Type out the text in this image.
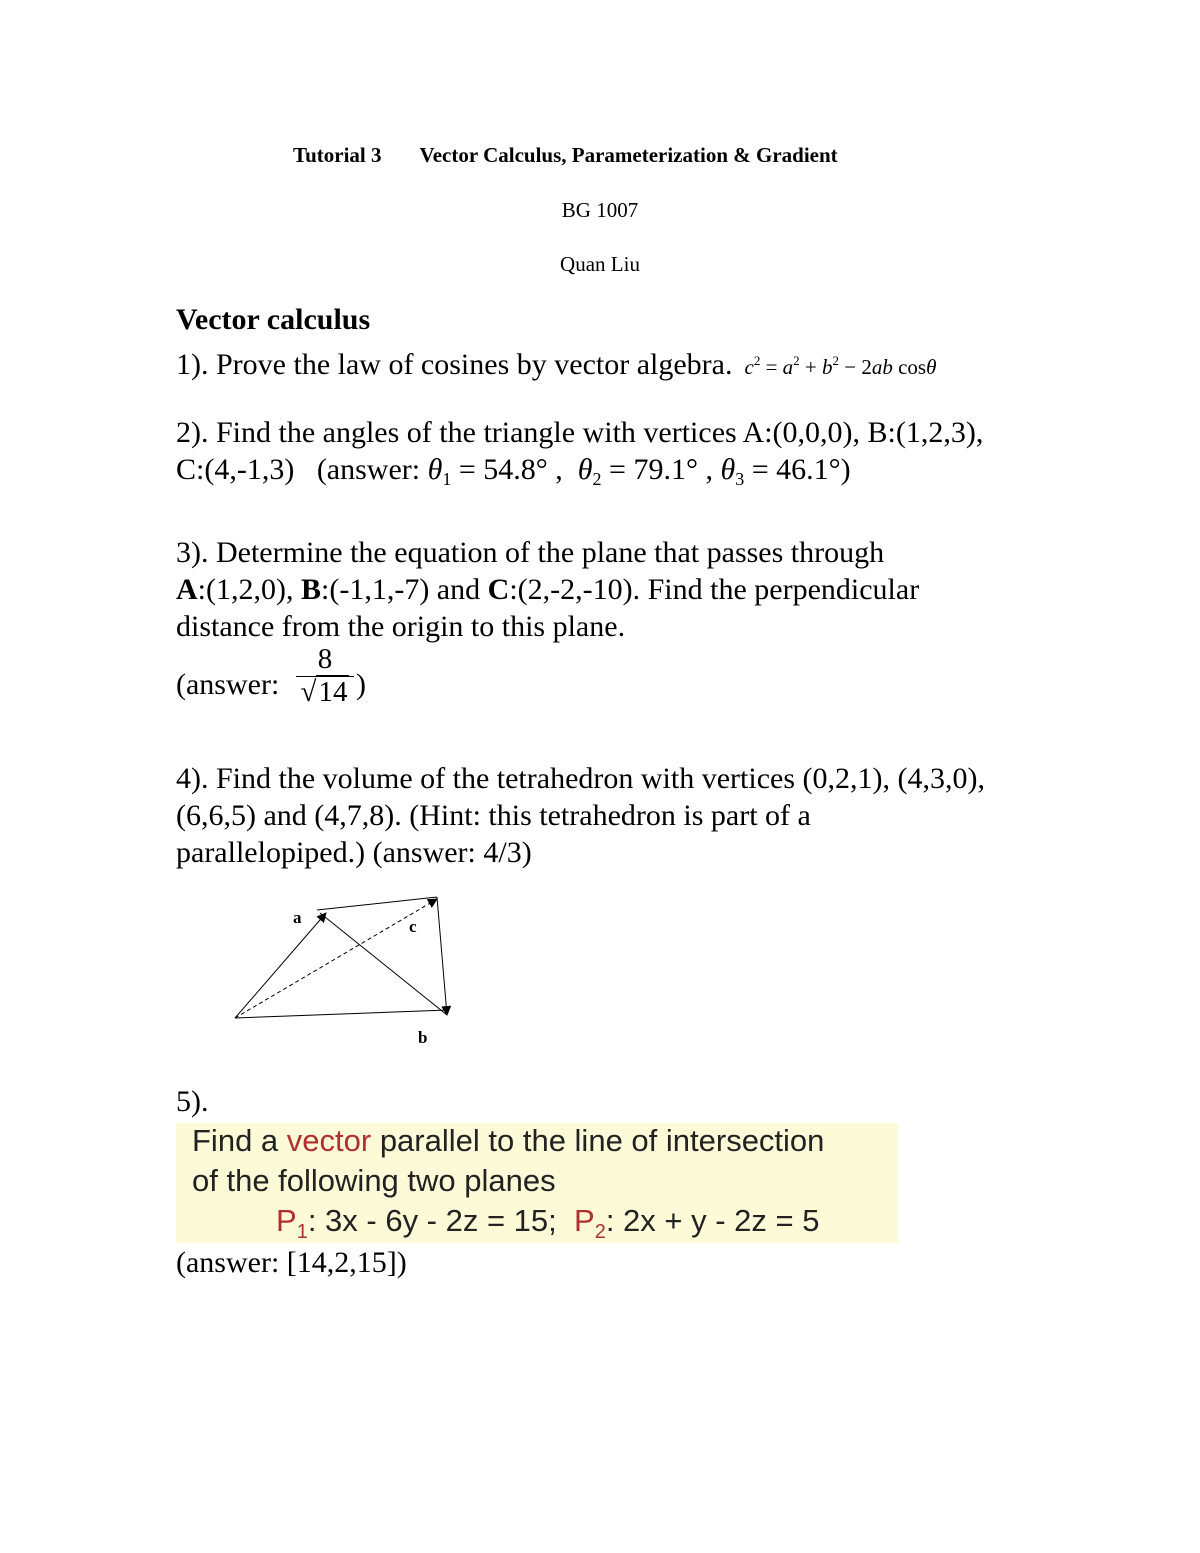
Tutorial 3 Vector Calculus, Parameterization & Gradient
BG 1007
Quan Liu
Vector calculus
1). Prove the law of cosines by vector algebra. $c^2 = a^2 + b^2 - 2ab$ cosθ
2). Find the angles of the triangle with vertices A:(0,0,0), B:(1,2,3),
C:(4,-1,3)   (answer: $\theta_1 = 54.8^\circ$ ,  $\theta_2 = 79.1^\circ$ , $\theta_3 = 46.1^\circ$)
3). Determine the equation of the plane that passes through
A:(1,2,0), B:(-1,1,-7) and C:(2,-2,-10). Find the perpendicular
distance from the origin to this plane.
(answer:
8
√14 )
4). Find the volume of the tetrahedron with vertices (0,2,1), (4,3,0),
(6,6,5) and (4,7,8). (Hint: this tetrahedron is part of a
parallelopiped.) (answer: 4/3)
a	c
b
5).
Find a vector parallel to the line of intersection
of the following two planes
$P_1$: 3x - 6y - 2z = 15;  $P_2$: 2x + y - 2z = 5
(answer: [14,2,15])
